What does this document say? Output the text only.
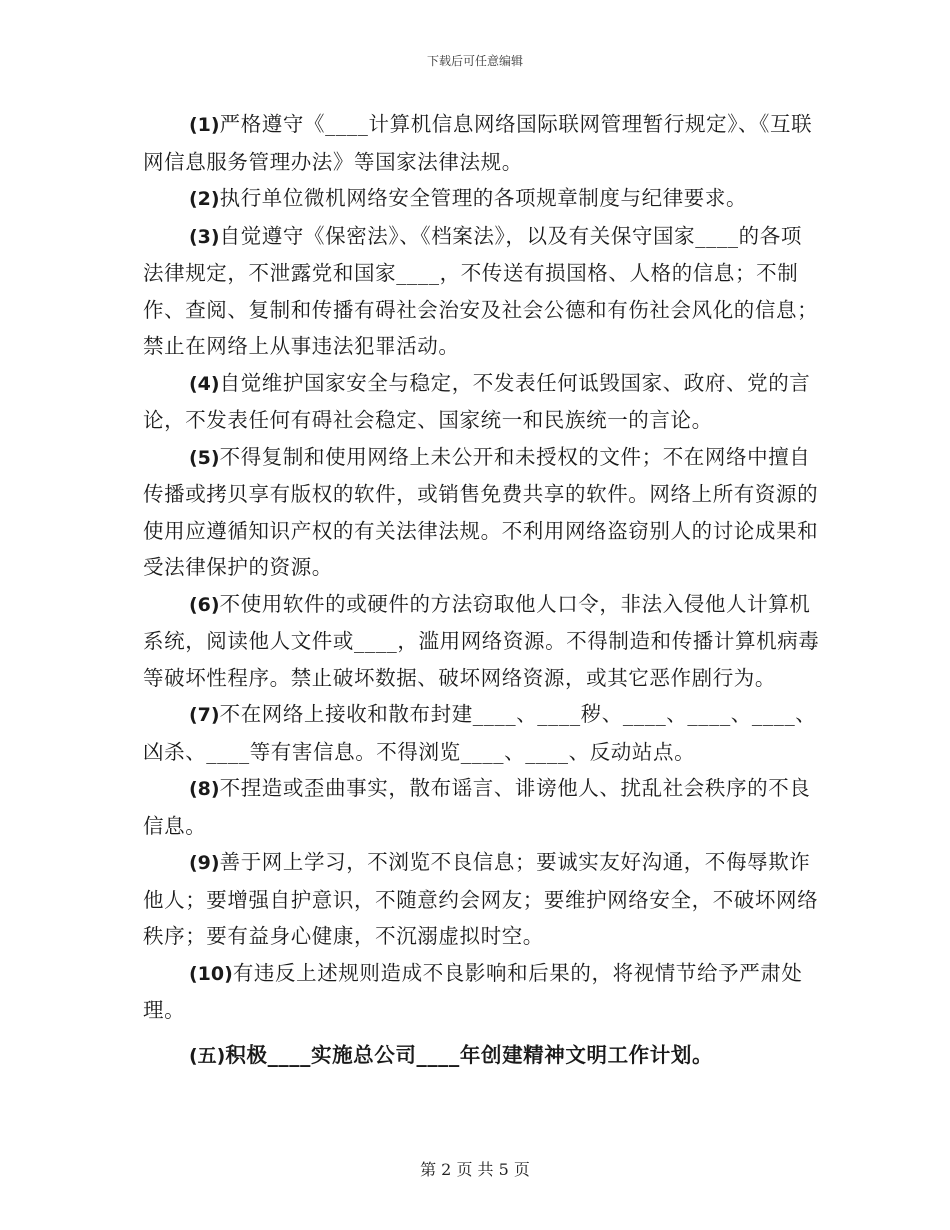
下载后可任意编辑

(1)严格遵守《____计算机信息网络国际联网管理暂行规定》、《互联网信息服务管理办法》等国家法律法规。

(2)执行单位微机网络安全管理的各项规章制度与纪律要求。

(3)自觉遵守《保密法》、《档案法》，以及有关保守国家____的各项法律规定，不泄露党和国家____，不传送有损国格、人格的信息；不制作、查阅、复制和传播有碍社会治安及社会公德和有伤社会风化的信息；禁止在网络上从事违法犯罪活动。

(4)自觉维护国家安全与稳定，不发表任何诋毁国家、政府、党的言论，不发表任何有碍社会稳定、国家统一和民族统一的言论。

(5)不得复制和使用网络上未公开和未授权的文件；不在网络中擅自传播或拷贝享有版权的软件，或销售免费共享的软件。网络上所有资源的使用应遵循知识产权的有关法律法规。不利用网络盗窃别人的讨论成果和受法律保护的资源。

(6)不使用软件的或硬件的方法窃取他人口令，非法入侵他人计算机系统，阅读他人文件或____，滥用网络资源。不得制造和传播计算机病毒等破坏性程序。禁止破坏数据、破坏网络资源，或其它恶作剧行为。

(7)不在网络上接收和散布封建____、____秽、____、____、____、凶杀、____等有害信息。不得浏览____、____、反动站点。

(8)不捏造或歪曲事实，散布谣言、诽谤他人、扰乱社会秩序的不良信息。

(9)善于网上学习，不浏览不良信息；要诚实友好沟通，不侮辱欺诈他人；要增强自护意识，不随意约会网友；要维护网络安全，不破坏网络秩序；要有益身心健康，不沉溺虚拟时空。

(10)有违反上述规则造成不良影响和后果的，将视情节给予严肃处理。

(五)积极____实施总公司____年创建精神文明工作计划。

第 2 页 共 5 页
